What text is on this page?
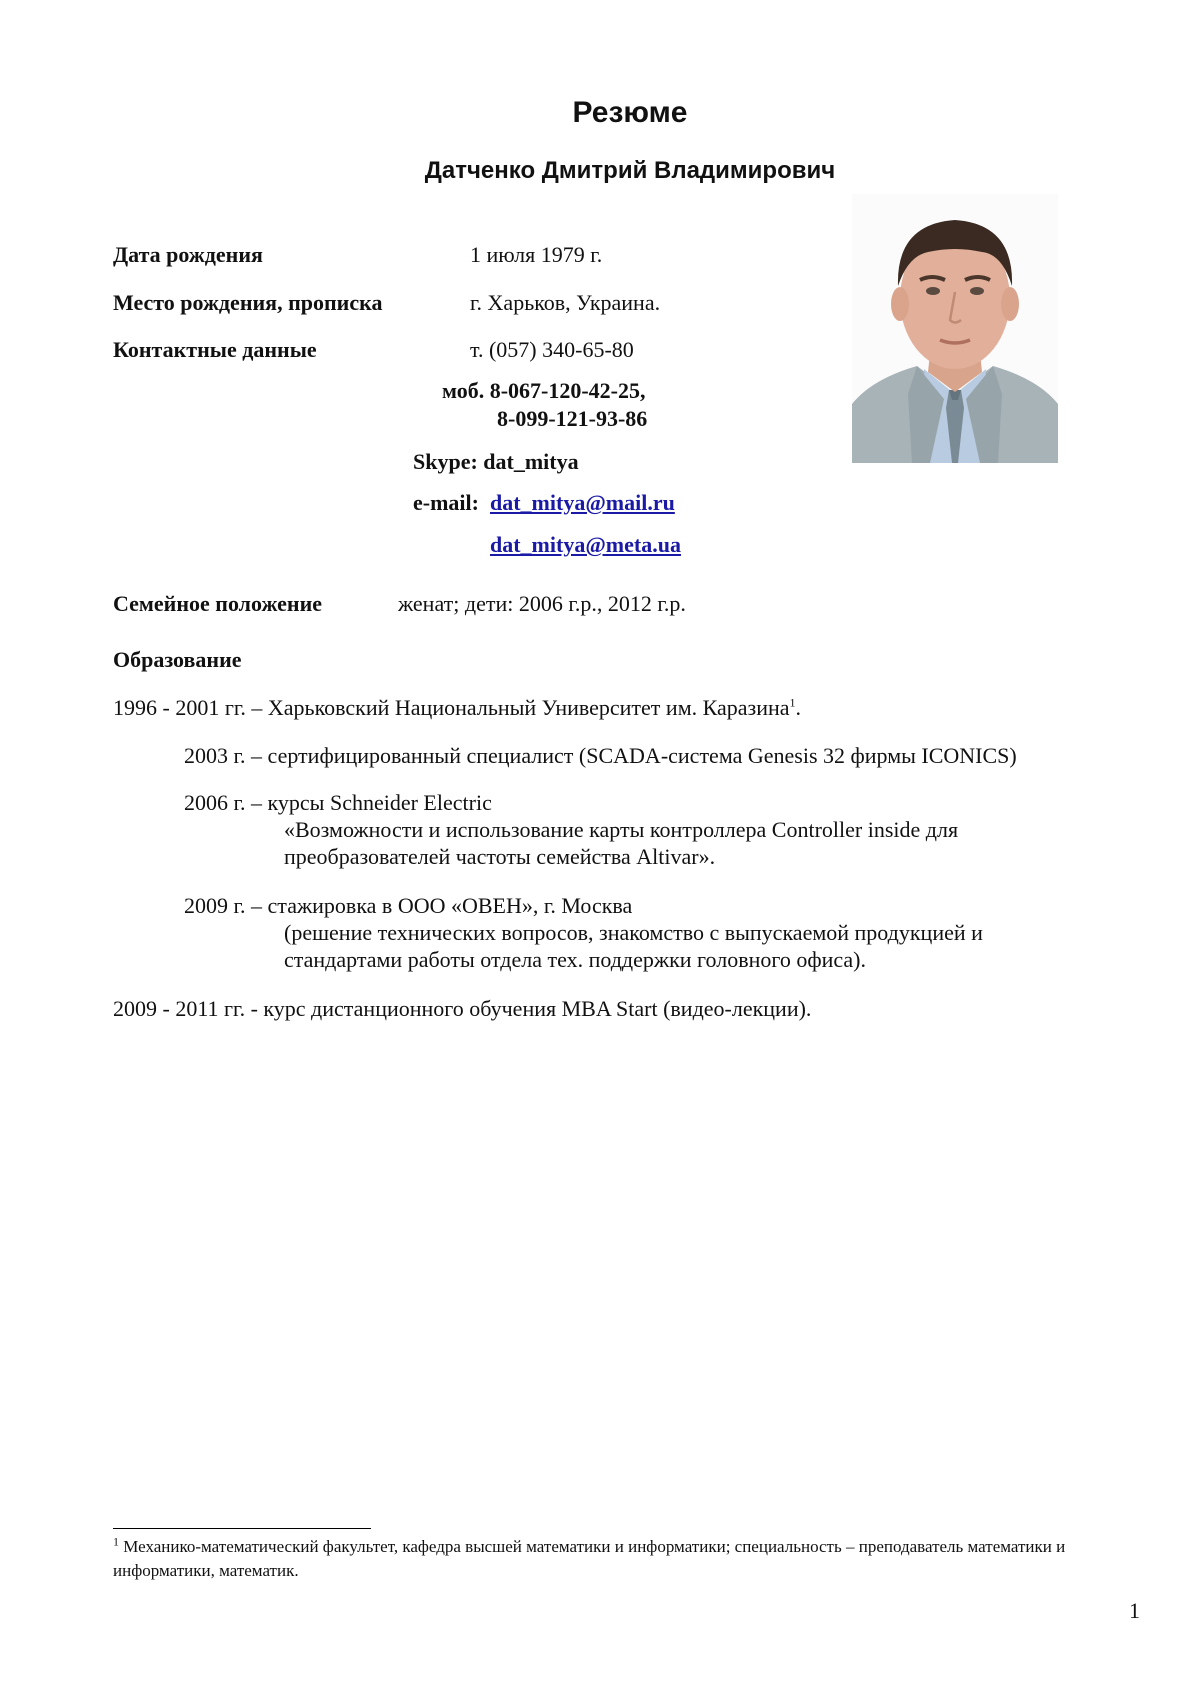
Резюме
Датченко Дмитрий Владимирович
Дата рождения	1 июля 1979 г.
Место рождения, прописка	г. Харьков, Украина.
Контактные данные	т. (057) 340-65-80
моб. 8-067-120-42-25,
8-099-121-93-86
Skype: dat_mitya
e-mail: dat_mitya@mail.ru
dat_mitya@meta.ua
Семейное положение	женат; дети: 2006 г.р., 2012 г.р.
Образование
1996 - 2001 гг. – Харьковский Национальный Университет им. Каразина$^1$.
2003 г. – сертифицированный специалист (SCADA-система Genesis 32 фирмы ICONICS)
2006 г. – курсы Schneider Electric
«Возможности и использование карты контроллера Controller inside для
преобразователей частоты семейства Altivar».
2009 г. – стажировка в ООО «ОВЕН», г. Москва
(решение технических вопросов, знакомство с выпускаемой продукцией и
стандартами работы отдела тех. поддержки головного офиса).
2009 - 2011 гг. - курс дистанционного обучения MBA Start (видео-лекции).
$^1$ Механико-математический факультет, кафедра высшей математики и информатики; специальность – преподаватель математики и информатики, математик.
1
